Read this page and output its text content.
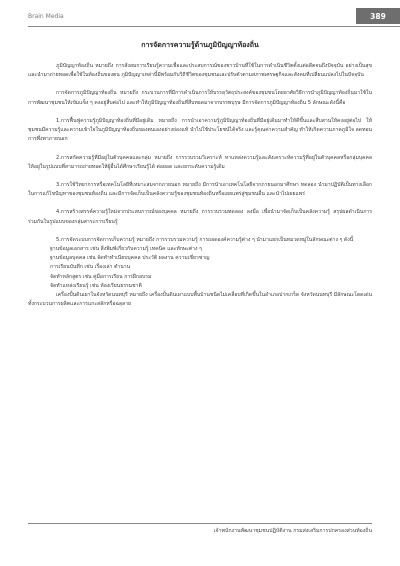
Brain Media	389
การจัดการความรู้ด้านภูมิปัญญาท้องถิ่น

ภูมิปัญญาท้องถิ่น หมายถึง การสั่งสมการเรียนรู้ความเชื่อและประสบการณ์ของชาวบ้านที่ใช้ในการดำเนินชีวิตตั้งแต่อดีตจนถึงปัจจุบัน อย่างเป็นสุข และนำมาถ่ายทอดเพื่อใช้ในท้องถิ่นของตน ภูมิปัญญาเหล่านี้มีพร้อมกับวิถีชีวิตของชุมชนและปรับตัวตามสภาพเศรษฐกิจและสังคมที่เปลี่ยนแปลงไปในปัจจุบัน

การจัดการภูมิปัญญาท้องถิ่น หมายถึง กระบวนการที่มีการดำเนินการให้บรรลุวัตถุประสงค์ของชุมชนโดยอาศัยวิธีการนำภูมิปัญญาท้องถิ่นมาใช้ในการพัฒนาชุมชนให้เข้มแข็ง ๆ คงอยู่สืบต่อไป และทำให้ภูมิปัญญาท้องถิ่นที่สืบทอดมาจากบรรพบุรุษ มีการจัดการภูมิปัญญาท้องถิ่น 5 ลักษณะดังนี้คือ

1.การฟื้นฟูความรู้ภูมิปัญญาท้องถิ่นที่มีอยู่เดิม หมายถึง การนำเอาความรู้ภูมิปัญญาท้องถิ่นที่มีอยู่เดิมมาทำให้ดีขึ้นและสืบสานให้คงอยู่ต่อไป ให้ชุมชนมีความรู้และความเข้าใจในภูมิปัญญาท้องถิ่นของตนเองอย่างถ่องแท้ นำไปใช้ประโยชน์ได้จริง และรู้คุณค่าความสำคัญ ทำให้เกิดความภาคภูมิใจ ลดทอนการพึ่งพาภายนอก

2.การสกัดความรู้ที่มีอยู่ในตัวบุคคลและกลุ่ม หมายถึง การรวบรวมวิเคราะห์ หาแหล่งความรู้และสังเคราะห์ความรู้ที่อยู่ในตัวบุคคลหรือกลุ่มบุคคลให้อยู่ในรูปแบบที่สามารถถ่ายทอดให้ผู้อื่นได้ศึกษาเรียนรู้ได้ ต่อยอด และยกระดับความรู้เดิม

3.การใช้วิทยาการหรือเทคโนโลยีที่เหมาะสมจากภายนอก หมายถึง มีการนำเอาเทคโนโลยีจากภายนอกมาศึกษา ทดลอง นำมาปฏิบัติเป็นทางเลือกในการแก้ไขปัญหาของชุมชนท้องถิ่น และมีการจัดเก็บเป็นคลังความรู้ของชุมชนท้องถิ่นหรือเผยแพร่สู่ชุมชนอื่น และนำไปเผยแพร่

4.การสร้างสรรค์ความรู้ใหม่จากประสบการณ์ของบุคคล หมายถึง การรวบรวมทดลอง ลงมือ เพื่อนำมาจัดเก็บเป็นคลังความรู้ สรุปผลดำเนินการร่วมกันในรูปแบบของกลุ่มสาระการเรียนรู้

5.การจัดระบบการจัดการเก็บความรู้ หมายถึง การรวบรวมความรู้ การถอดองค์ความรู้ต่าง ๆ นำมาแยกเป็นหมวดหมู่ในลักษณะต่าง ๆ ดังนี้

ฐานข้อมูลเอกสาร เช่น สิ่งพิมพ์เกี่ยวกับความรู้ เทคนิค และทักษะต่าง ๆ

ฐานข้อมูลบุคคล เช่น จัดทำทำเนียบบุคคล ประวัติ ผลงาน ความเชี่ยวชาญ

การเรียนบันทึก เช่น เรื่องเล่า ตำนาน

จัดทำหลักสูตร เช่น คู่มือการเรียน การฝึกอบรม

จัดทำแหล่งเรียนรู้ เช่น ห้องเรียนธรรมชาติ

เครื่องปั้นดินเผาในจังหวัดนนทบุรี หมายถึง เครื่องปั้นดินเผาแบบพื้นบ้านชนิดไม่เคลือบที่เกิดขึ้นในอำเภอปากเกร็ด จังหวัดนนทบุรี มีลักษณะโดดเด่นทั้งกระบวนการผลิตและการแกะสลักหรือฉลุลาย

เจ้าพนักงานพัฒนาชุมชนปฏิบัติงาน กรมส่งเสริมการปกครองส่วนท้องถิ่น
